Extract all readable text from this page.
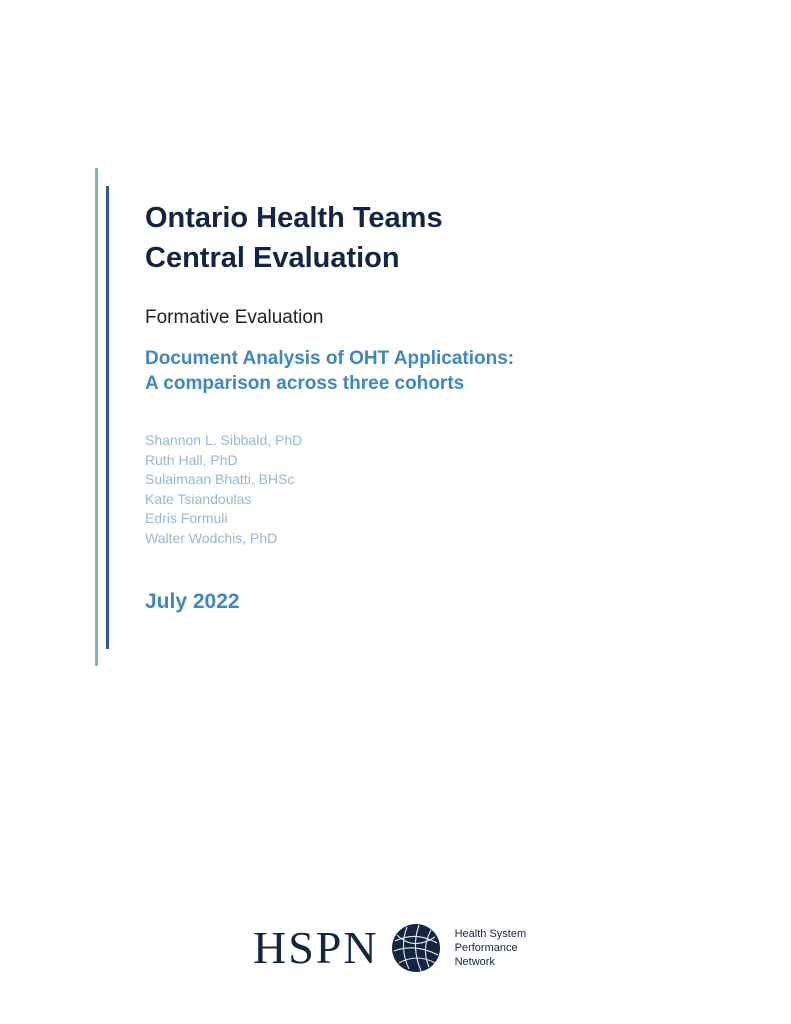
Ontario Health Teams
Central Evaluation

Formative Evaluation

Document Analysis of OHT Applications:
A comparison across three cohorts
Shannon L. Sibbald, PhD
Ruth Hall, PhD
Sulaimaan Bhatti, BHSc
Kate Tsiandoulas
Edris Formuli
Walter Wodchis, PhD

July 2022

HSPN	Health System
Performance
Network
